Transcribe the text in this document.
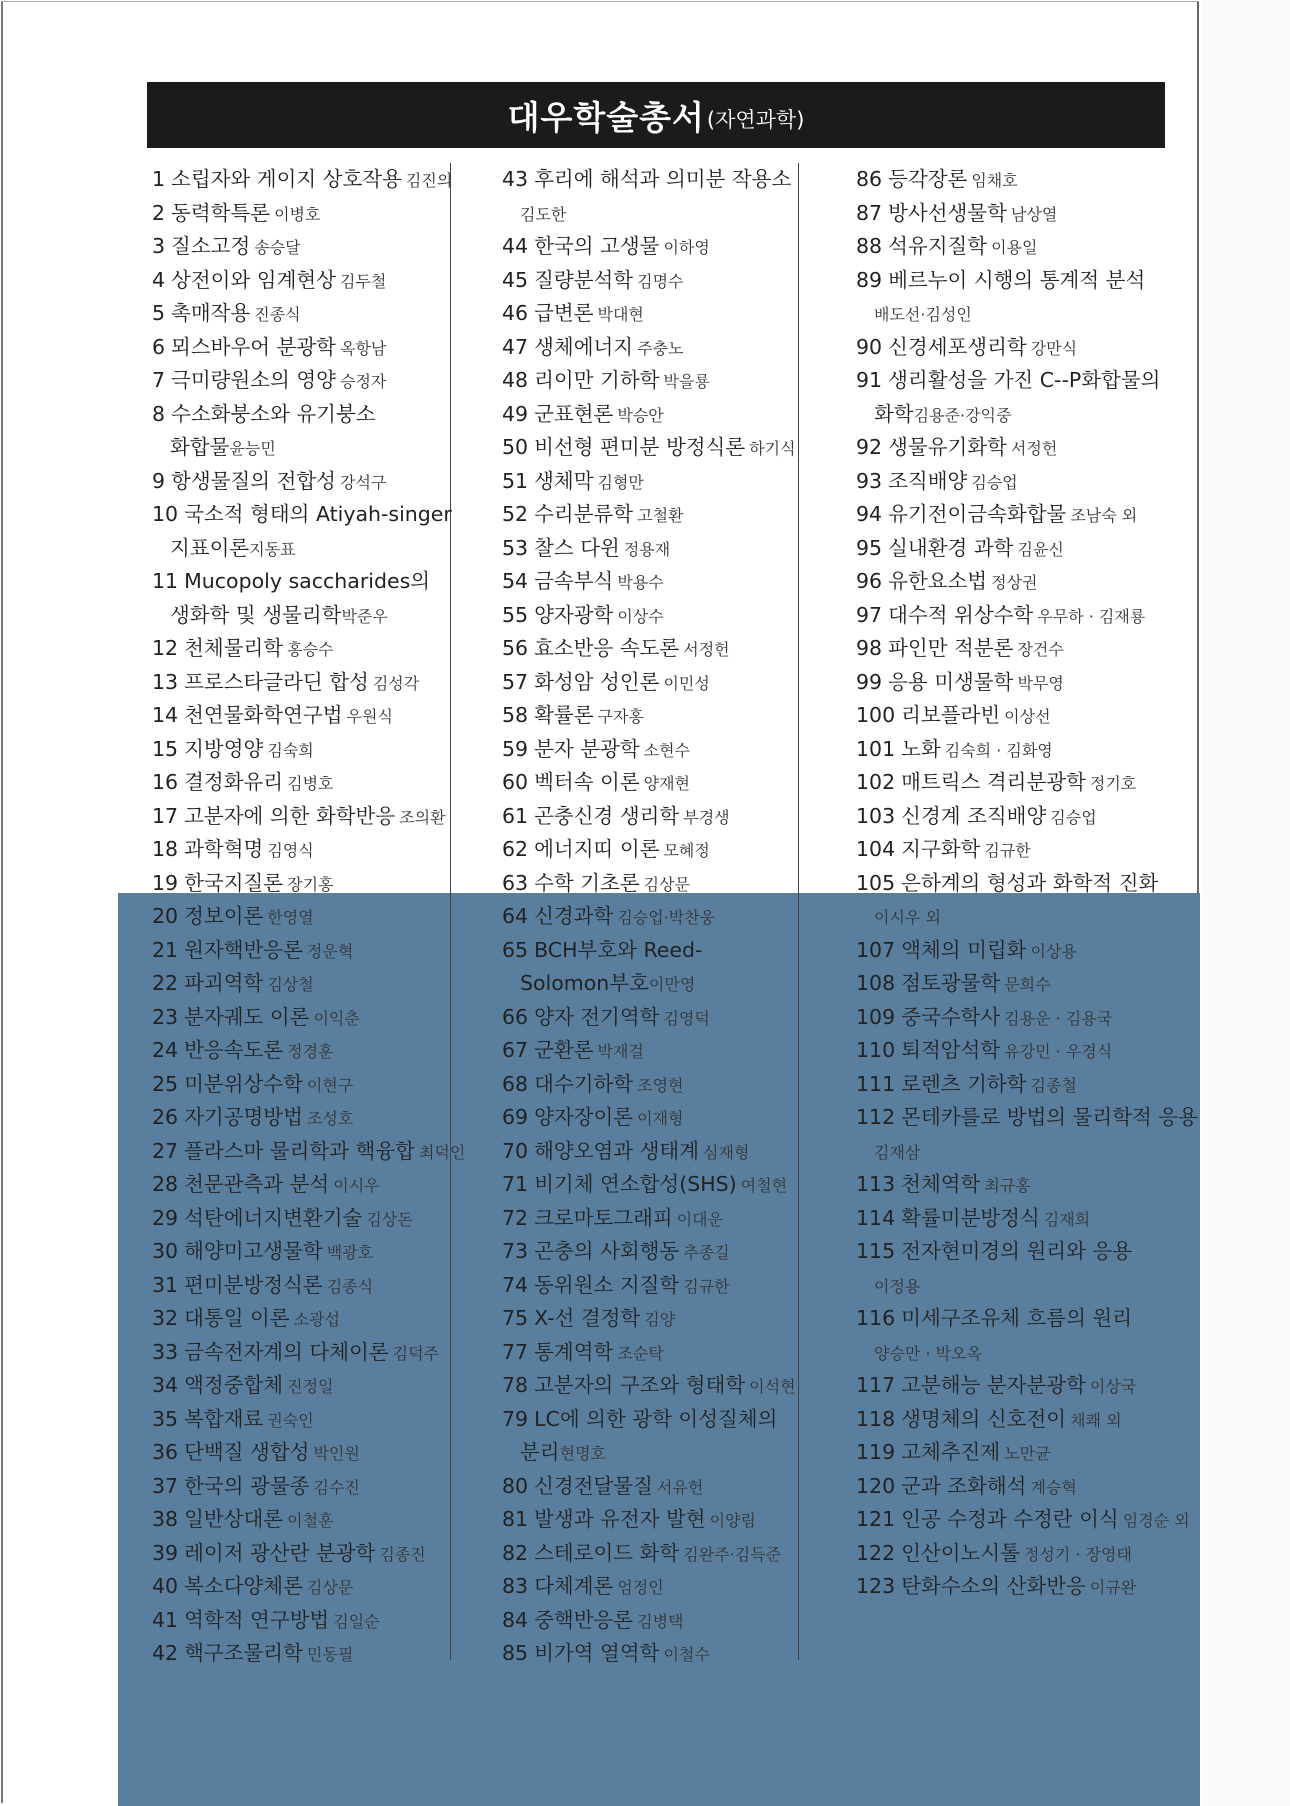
대우학술총서 (자연과학)
1 소립자와 게이지 상호작용 김진의
2 동력학특론 이병호
3 질소고정 송승달
4 상전이와 임계현상 김두철
5 촉매작용 진종식
6 뫼스바우어 분광학 옥항남
7 극미량원소의 영양 승정자
8 수소화붕소와 유기붕소
화합물윤능민
9 항생물질의 전합성 강석구
10 국소적 형태의 Atiyah-singer
지표이론지동표
11 Mucopoly saccharides의
생화학 및 생물리학박준우
12 천체물리학 홍승수
13 프로스타글라딘 합성 김성각
14 천연물화학연구법 우원식
15 지방영양 김숙희
16 결정화유리 김병호
17 고분자에 의한 화학반응 조의환
18 과학혁명 김영식
19 한국지질론 장기홍
20 정보이론 한영열
21 원자핵반응론 정운혁
22 파괴역학 김상철
23 분자궤도 이론 이익춘
24 반응속도론 정경훈
25 미분위상수학 이현구
26 자기공명방법 조성호
27 플라스마 물리학과 핵융합 최덕인
28 천문관측과 분석 이시우
29 석탄에너지변환기술 김상돈
30 해양미고생물학 백광호
31 편미분방정식론 김종식
32 대통일 이론 소광섭
33 금속전자계의 다체이론 김덕주
34 액정중합체 진정일
35 복합재료 권숙인
36 단백질 생합성 박인원
37 한국의 광물종 김수진
38 일반상대론 이철훈
39 레이저 광산란 분광학 김종진
40 복소다양체론 김상문
41 역학적 연구방법 김일순
42 핵구조물리학 민동필
43 후리에 해석과 의미분 작용소
김도한
44 한국의 고생물 이하영
45 질량분석학 김명수
46 급변론 박대현
47 생체에너지 주충노
48 리이만 기하학 박을룡
49 군표현론 박승안
50 비선형 편미분 방정식론 하기식
51 생체막 김형만
52 수리분류학 고철환
53 찰스 다윈 정용재
54 금속부식 박용수
55 양자광학 이상수
56 효소반응 속도론 서정헌
57 화성암 성인론 이민성
58 확률론 구자홍
59 분자 분광학 소현수
60 벡터속 이론 양재현
61 곤충신경 생리학 부경생
62 에너지띠 이론 모혜정
63 수학 기초론 김상문
64 신경과학 김승업·박찬웅
65 BCH부호와 Reed-
Solomon부호이만영
66 양자 전기역학 김영덕
67 군환론 박재걸
68 대수기하학 조영현
69 양자장이론 이재형
70 해양오염과 생태계 심재형
71 비기체 연소합성(SHS) 여철현
72 크로마토그래피 이대운
73 곤충의 사회행동 추종길
74 동위원소 지질학 김규한
75 X-선 결정학 김양
77 통계역학 조순탁
78 고분자의 구조와 형태학 이석현
79 LC에 의한 광학 이성질체의
분리현명호
80 신경전달물질 서유헌
81 발생과 유전자 발현 이양림
82 스테로이드 화학 김완주·김득준
83 다체계론 엄정인
84 중핵반응론 김병택
85 비가역 열역학 이철수
86 등각장론 임채호
87 방사선생물학 남상열
88 석유지질학 이용일
89 베르누이 시행의 통계적 분석
배도선·김성인
90 신경세포생리학 강만식
91 생리활성을 가진 C--P화합물의
화학김용준·강익중
92 생물유기화학 서정헌
93 조직배양 김승업
94 유기전이금속화합물 조남숙 외
95 실내환경 과학 김윤신
96 유한요소법 정상권
97 대수적 위상수학 우무하 · 김재룡
98 파인만 적분론 장건수
99 응용 미생물학 박무영
100 리보플라빈 이상선
101 노화 김숙희 · 김화영
102 매트릭스 격리분광학 정기호
103 신경계 조직배양 김승업
104 지구화학 김규한
105 은하계의 형성과 화학적 진화
이시우 외
107 액체의 미립화 이상용
108 점토광물학 문희수
109 중국수학사 김용운 · 김용국
110 퇴적암석학 유강민 · 우경식
111 로렌츠 기하학 김종철
112 몬테카를로 방법의 물리학적 응용
김재삼
113 천체역학 최규홍
114 확률미분방정식 김재희
115 전자현미경의 원리와 응용
이정용
116 미세구조유체 흐름의 원리
양승만 · 박오옥
117 고분해능 분자분광학 이상국
118 생명체의 신호전이 채쾌 외
119 고체추진제 노만균
120 군과 조화해석 계승혁
121 인공 수정과 수정란 이식 임경순 외
122 인산이노시톨 정성기 · 장영태
123 탄화수소의 산화반응 이규완
